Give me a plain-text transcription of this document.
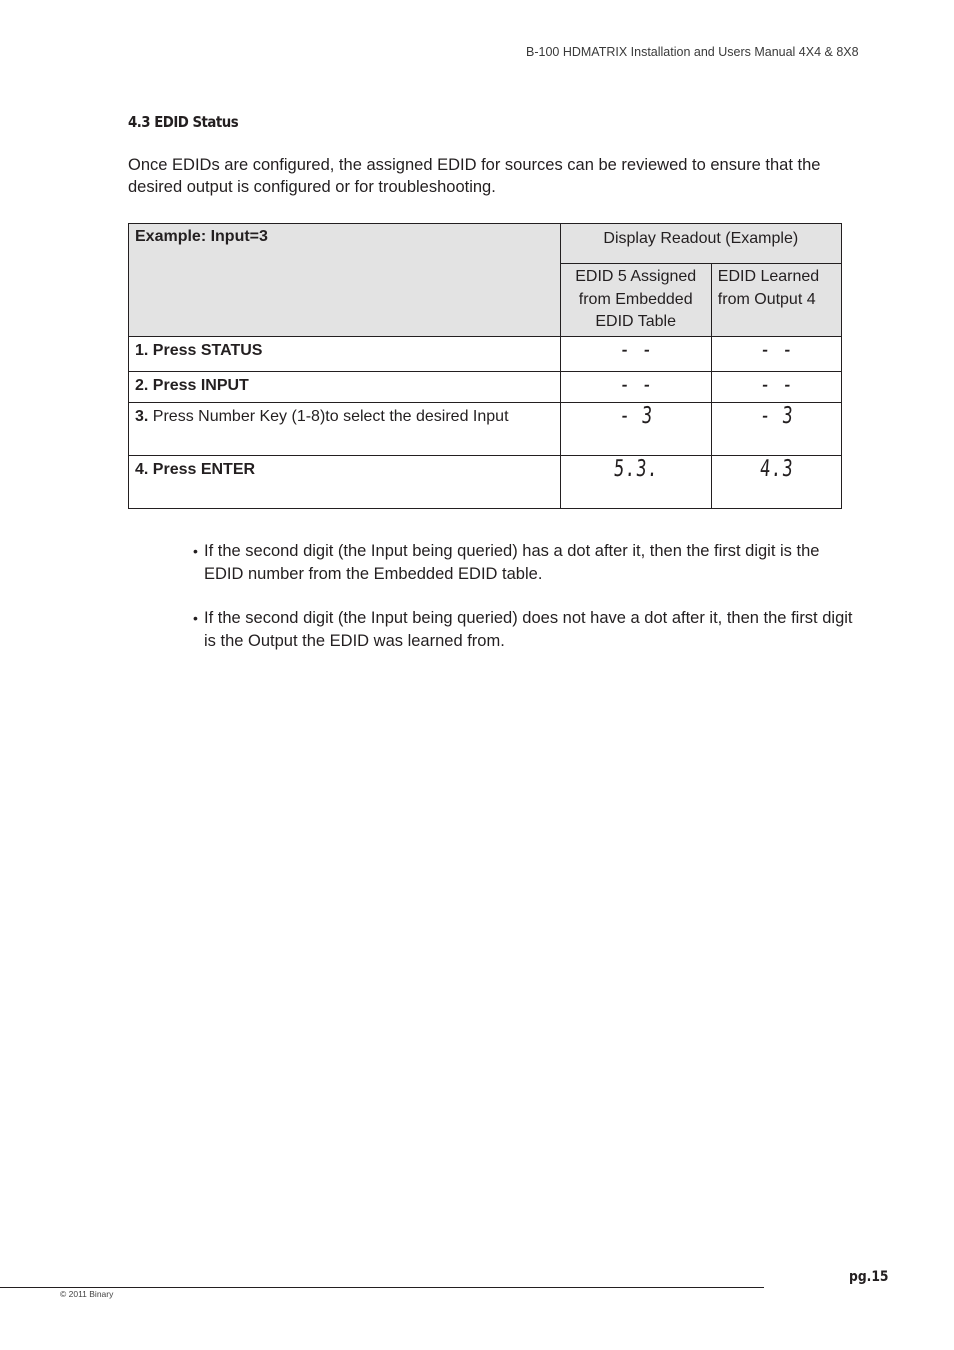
B-100 HDMATRIX Installation and Users Manual 4X4 & 8X8
4.3 EDID Status
Once EDIDs are configured, the assigned EDID for sources can be reviewed to ensure that the desired output is configured or for troubleshooting.
Example: Input=3	Display Readout (Example)	

	EDID 5 Assigned from Embedded EDID Table	EDID Learned from Output 4

1. Press STATUS	- -	- -

2. Press INPUT	- -	- -

3. Press Number Key (1-8)to select the desired Input	- 3	- 3

4. Press ENTER	5.3.	4.3
• If the second digit (the Input being queried) has a dot after it, then the first digit is the EDID number from the Embedded EDID table.
• If the second digit (the Input being queried) does not have a dot after it, then the first digit is the Output the EDID was learned from.
© 2011 Binary
pg.15
